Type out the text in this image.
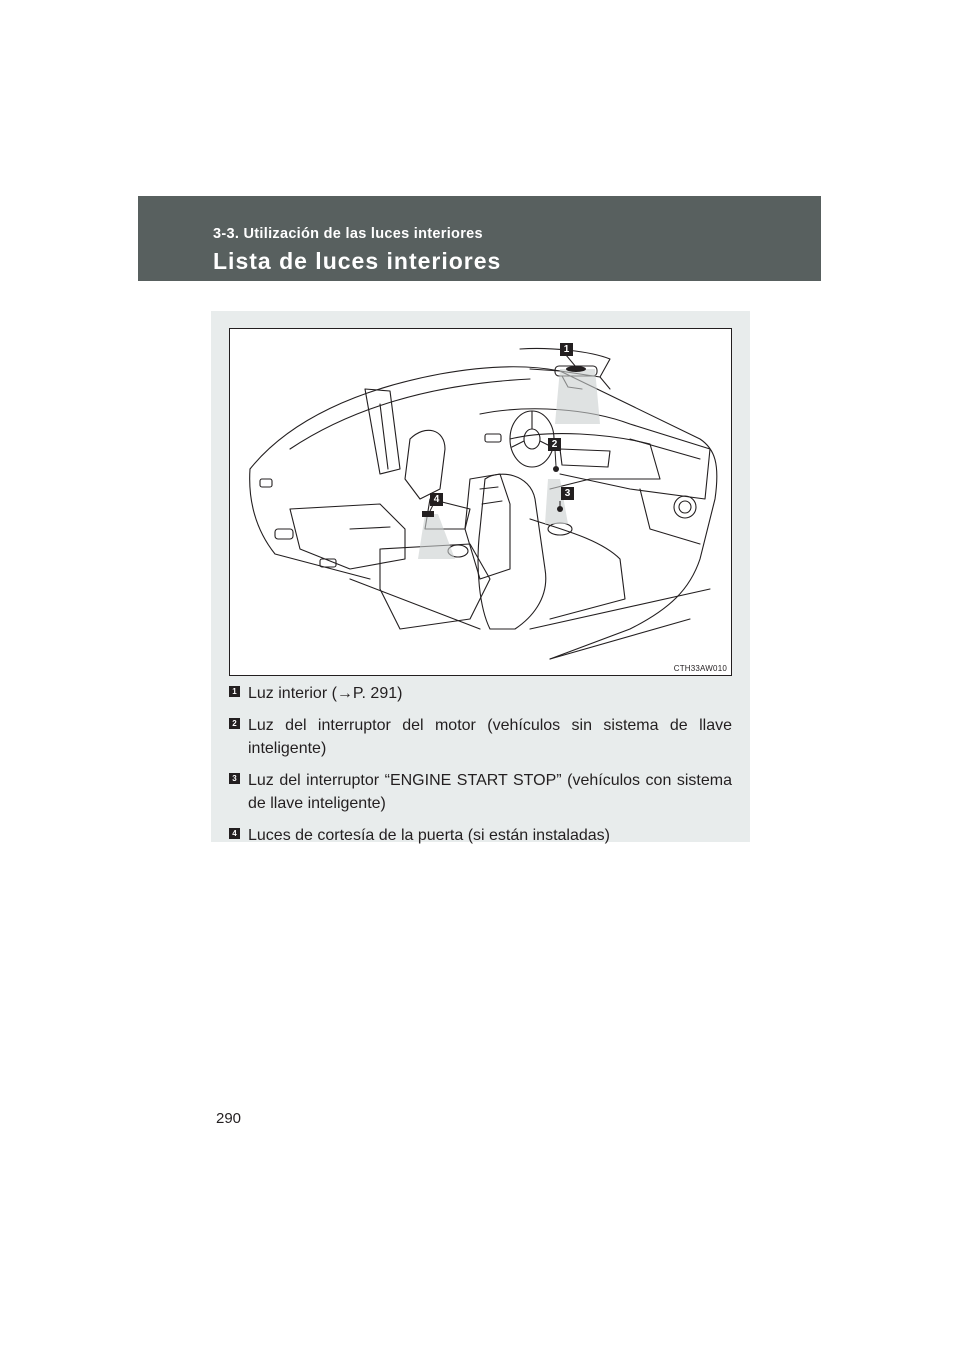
3-3. Utilización de las luces interiores
Lista de luces interiores
1
2
3
4
CTH33AW010
1 Luz interior (→P. 291)
2 Luz del interruptor del motor (vehículos sin sistema de llave inteligente)
3 Luz del interruptor “ENGINE START STOP” (vehículos con sistema de llave inteligente)
4 Luces de cortesía de la puerta (si están instaladas)
290
